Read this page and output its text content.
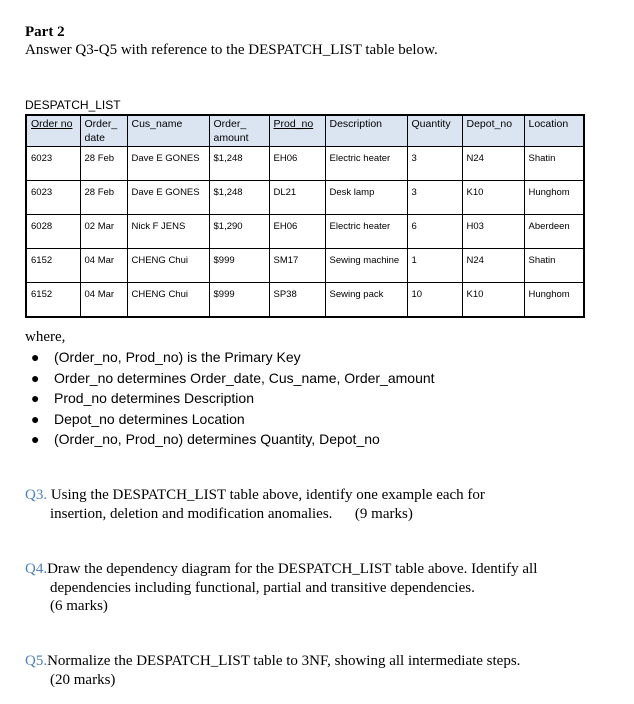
Part 2

Answer Q3-Q5 with reference to the DESPATCH_LIST table below.

DESPATCH_LIST

Order no	Order_ date	Cus_name	Order_ amount	Prod_no	Description	Quantity	Depot_no	Location
6023	28 Feb	Dave E GONES	$1,248	EH06	Electric heater	3	N24	Shatin
6023	28 Feb	Dave E GONES	$1,248	DL21	Desk lamp	3	K10	Hunghom
6028	02 Mar	Nick F JENS	$1,290	EH06	Electric heater	6	H03	Aberdeen
6152	04 Mar	CHENG Chui	$999	SM17	Sewing machine	1	N24	Shatin
6152	04 Mar	CHENG Chui	$999	SP38	Sewing pack	10	K10	Hunghom

where,

● (Order_no, Prod_no) is the Primary Key
● Order_no determines Order_date, Cus_name, Order_amount
● Prod_no determines Description
● Depot_no determines Location
● (Order_no, Prod_no) determines Quantity, Depot_no
Q3. Using the DESPATCH_LIST table above, identify one example each for
insertion, deletion and modification anomalies.      (9 marks)
Q4.Draw the dependency diagram for the DESPATCH_LIST table above. Identify all
dependencies including functional, partial and transitive dependencies.
(6 marks)
Q5.Normalize the DESPATCH_LIST table to 3NF, showing all intermediate steps.
(20 marks)
